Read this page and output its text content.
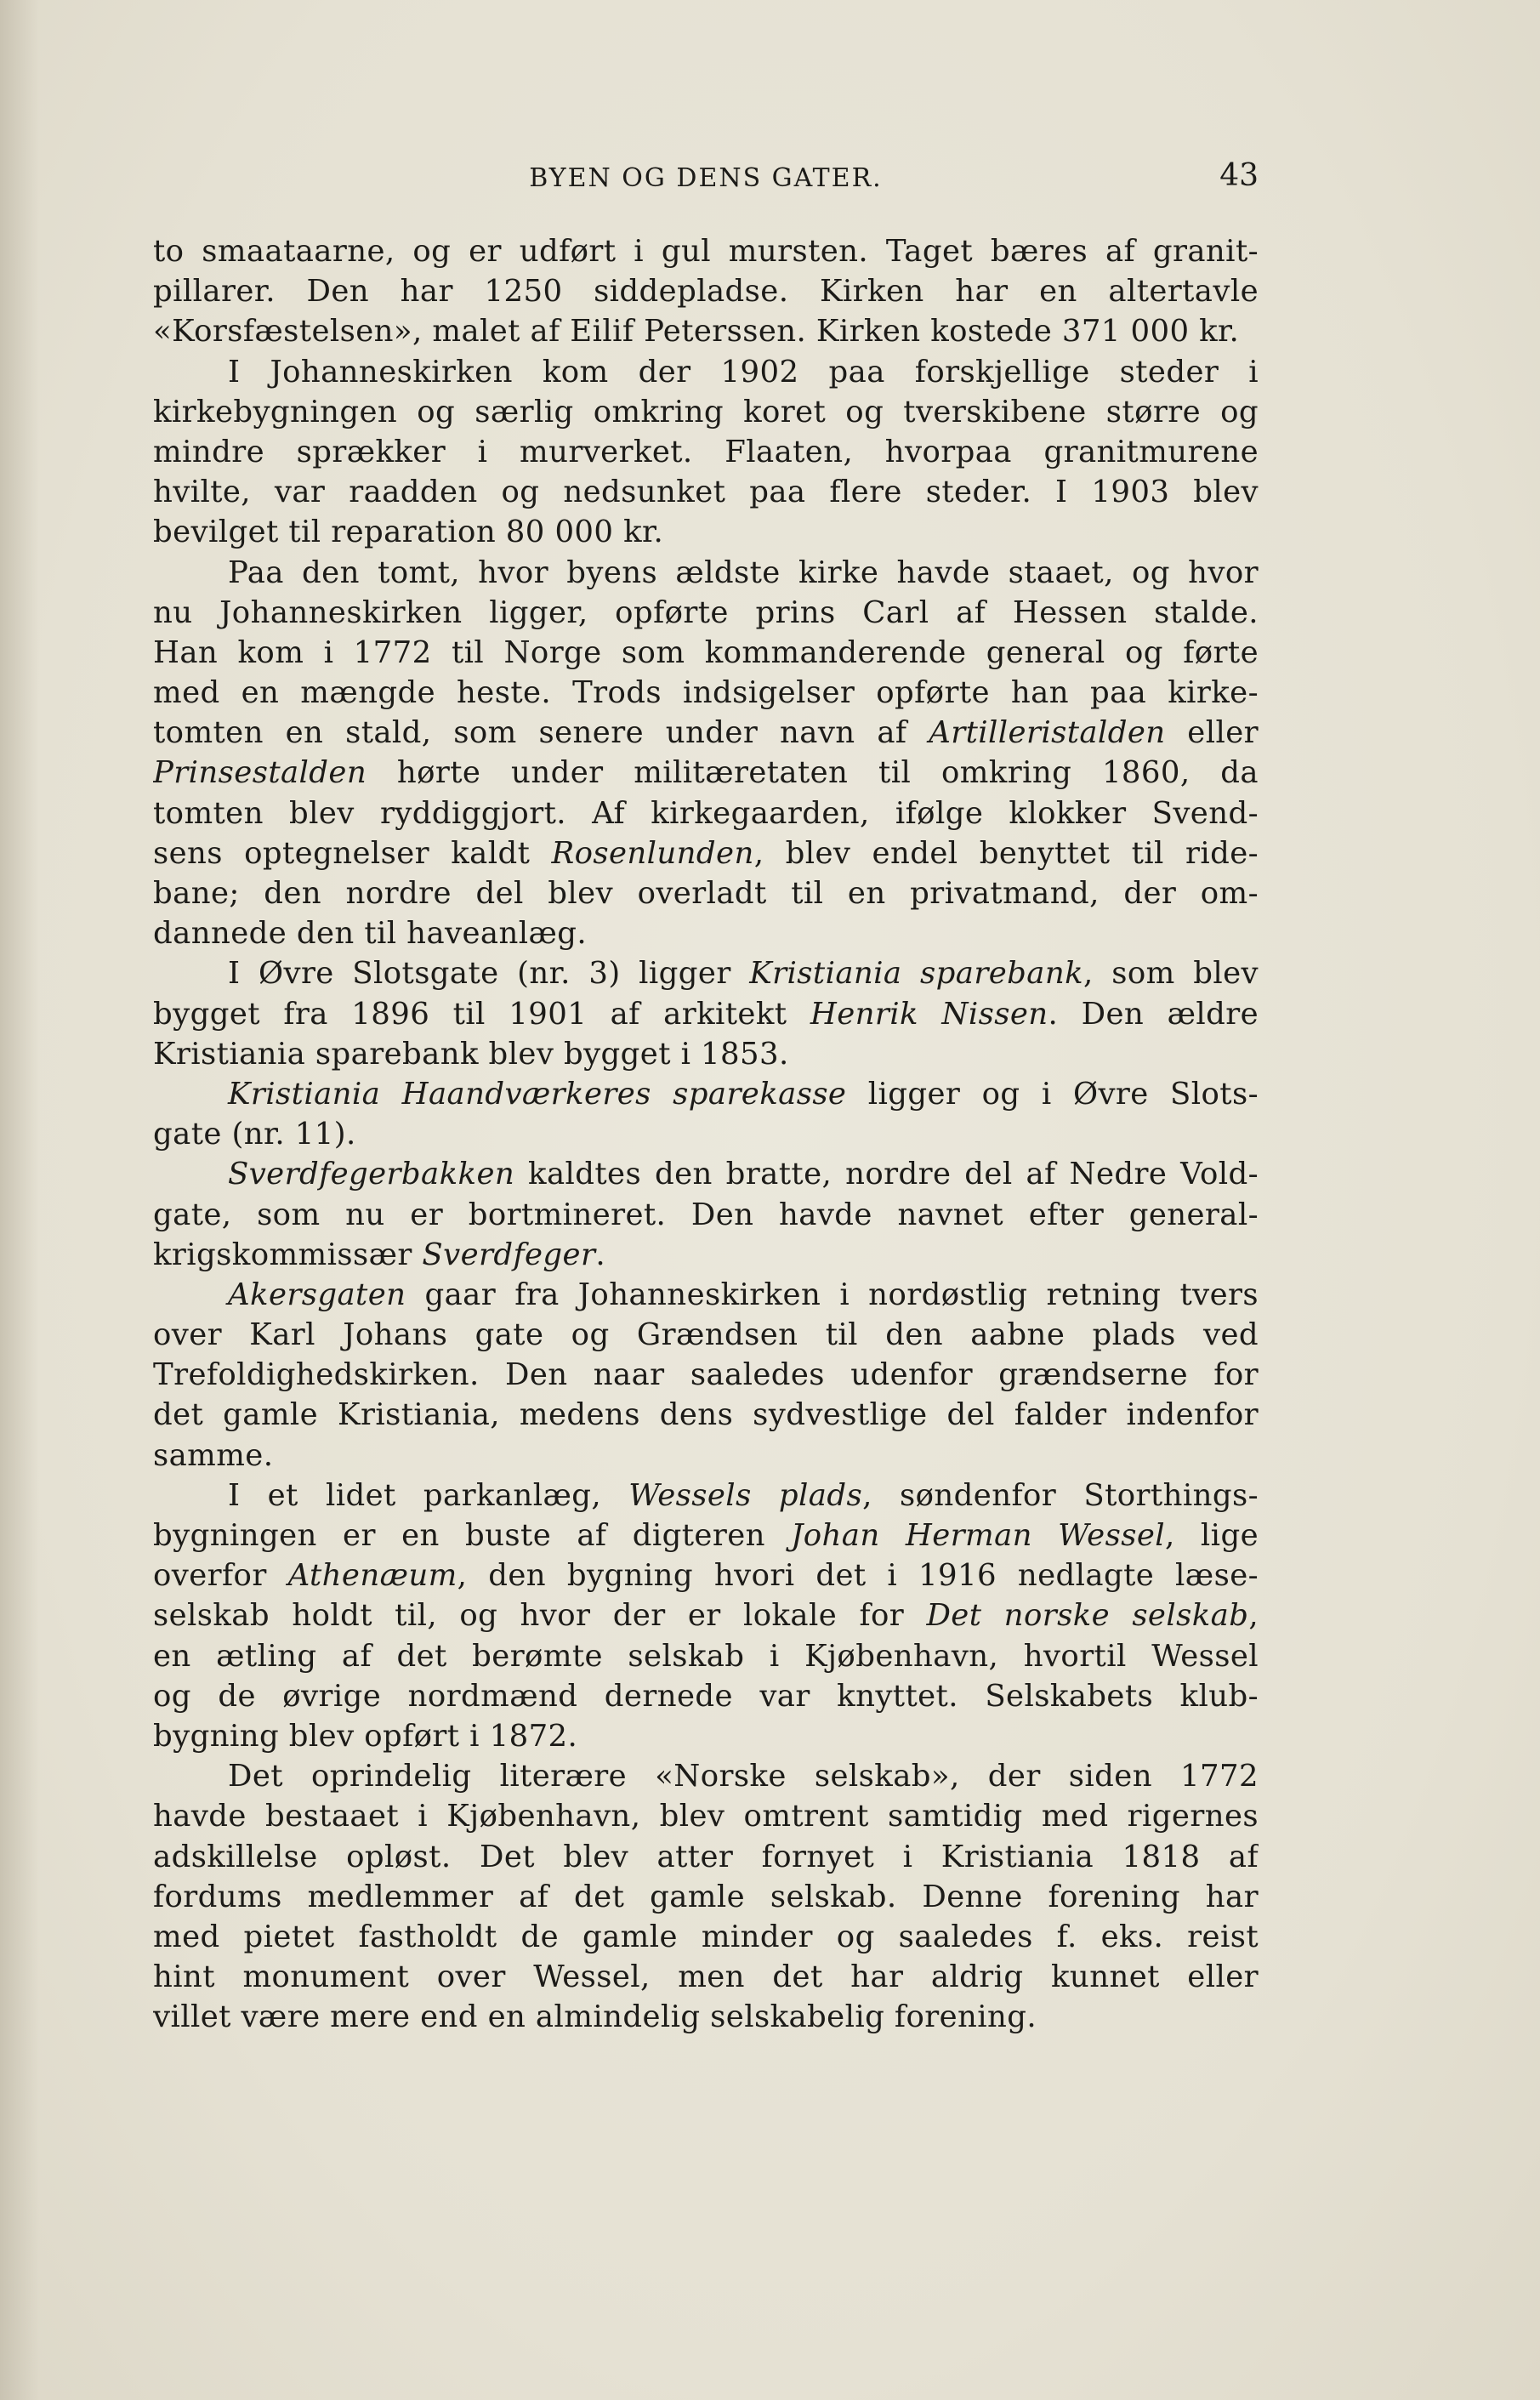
BYEN OG DENS GATER.	43
to smaataarne, og er udført i gul mursten. Taget bæres af granit-
pillarer. Den har 1250 siddepladse. Kirken har en altertavle
«Korsfæstelsen», malet af Eilif Peterssen. Kirken kostede 371 000 kr.
I Johanneskirken kom der 1902 paa forskjellige steder i
kirkebygningen og særlig omkring koret og tverskibene større og
mindre sprækker i murverket. Flaaten, hvorpaa granitmurene
hvilte, var raadden og nedsunket paa flere steder. I 1903 blev
bevilget til reparation 80 000 kr.
Paa den tomt, hvor byens ældste kirke havde staaet, og hvor
nu Johanneskirken ligger, opførte prins Carl af Hessen stalde.
Han kom i 1772 til Norge som kommanderende general og førte
med en mængde heste. Trods indsigelser opførte han paa kirke-
tomten en stald, som senere under navn af Artilleristalden eller
Prinsestalden hørte under militæretaten til omkring 1860, da
tomten blev ryddiggjort. Af kirkegaarden, ifølge klokker Svend-
sens optegnelser kaldt Rosenlunden, blev endel benyttet til ride-
bane; den nordre del blev overladt til en privatmand, der om-
dannede den til haveanlæg.
I Øvre Slotsgate (nr. 3) ligger Kristiania sparebank, som blev
bygget fra 1896 til 1901 af arkitekt Henrik Nissen. Den ældre
Kristiania sparebank blev bygget i 1853.
Kristiania Haandværkeres sparekasse ligger og i Øvre Slots-
gate (nr. 11).
Sverdfegerbakken kaldtes den bratte, nordre del af Nedre Vold-
gate, som nu er bortmineret. Den havde navnet efter general-
krigskommissær Sverdfeger.
Akersgaten gaar fra Johanneskirken i nordøstlig retning tvers
over Karl Johans gate og Grændsen til den aabne plads ved
Trefoldighedskirken. Den naar saaledes udenfor grændserne for
det gamle Kristiania, medens dens sydvestlige del falder indenfor
samme.
I et lidet parkanlæg, Wessels plads, søndenfor Storthings-
bygningen er en buste af digteren Johan Herman Wessel, lige
overfor Athenæum, den bygning hvori det i 1916 nedlagte læse-
selskab holdt til, og hvor der er lokale for Det norske selskab,
en ætling af det berømte selskab i Kjøbenhavn, hvortil Wessel
og de øvrige nordmænd dernede var knyttet. Selskabets klub-
bygning blev opført i 1872.
Det oprindelig literære «Norske selskab», der siden 1772
havde bestaaet i Kjøbenhavn, blev omtrent samtidig med rigernes
adskillelse opløst. Det blev atter fornyet i Kristiania 1818 af
fordums medlemmer af det gamle selskab. Denne forening har
med pietet fastholdt de gamle minder og saaledes f. eks. reist
hint monument over Wessel, men det har aldrig kunnet eller
villet være mere end en almindelig selskabelig forening.
